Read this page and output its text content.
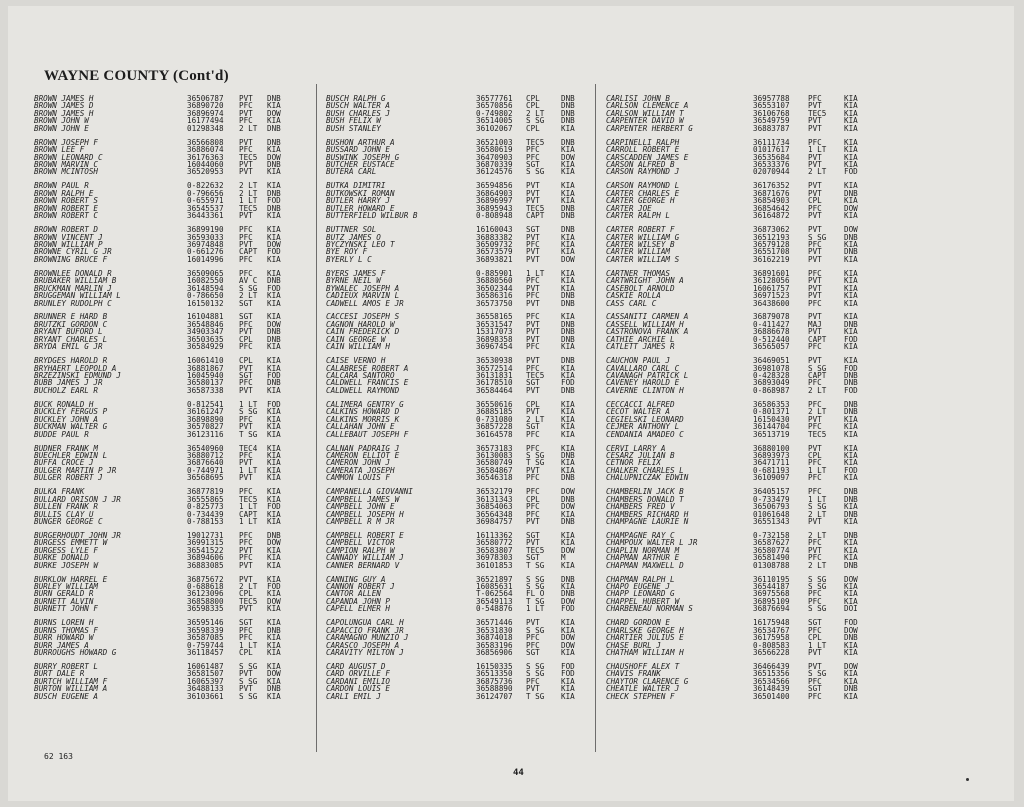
WAYNE COUNTY (Cont'd)
BROWN JAMES H	36506787 PVT DNB
BROWN JAMES D	36890720 PFC KIA
BROWN JAMES H	36896974 PVT DOW
BROWN JOHN W	16177494 PFC KIA
BROWN JOHN E	01298348 2 LT DNB
BROWN JOSEPH F	36566808 PVT DNB
BROWN LEE F	36886074 PFC KIA
BROWN LEONARD C	36176363 TEC5 DOW
BROWN MARVIN C	16044060 PVT DNB
BROWN MCINTOSH	36520953 PVT KIA
BROWN PAUL R	0-822632 2 LT KIA
BROWN RALPH E	0-796656 2 LT DNB
BROWN ROBERT S	0-655971 1 LT FOD
BROWN ROBERT E	36545537 TEC5 DNB
BROWN ROBERT C	36443361 PVT KIA
BROWN ROBERT D	36899190 PFC KIA
BROWN VINCENT J	36593033 PFC KIA
BROWN WILLIAM P	36974848 PVT DOW
BROWNE CYRIL G JR	0-661276 CAPT FOD
BROWNING BRUCE F	16014996 PFC KIA
BROWNLEE DONALD R	36509065 PFC KIA
BRUBAKER WILLIAM B	16082550 AV C DNB
BRUCKMAN MARLIN J	36148594 S SG FOD
BRUGGEMAN WILLIAM L	0-786650 2 LT KIA
BRUNLEY RUDOLPH C	16150132 SGT KIA
BRUNNER E HARD B	16104881 SGT KIA
BRUTZKI GORDON C	36548846 PFC DOW
BRYANT BUFORD L	34903347 PVT DNB
BRYANT CHARLES L	36503635 CPL DNB
BRYDA EMIL G JR	36584929 PFC KIA
BRYDGES HAROLD R	16061410 CPL KIA
BRYHAERT LEOPOLD A	36881867 PVT KIA
BRZEZINSKI EDMUND J	16045940 SGT FOD
BUBB JAMES J JR	36580137 PFC DNB
BUCHOLZ EARL R	36587338 PVT KIA
BUCK RONALD H	0-812541 1 LT FOD
BUCKLEY FERGUS P	36161247 S SG KIA
BUCKLEY JOHN A	36898890 PFC KIA
BUCKMAN WALTER G	36570827 PVT KIA
BUDDE PAUL R	36123116 T SG KIA
BUDNER FRANK M	36540960 TEC4 KIA
BUECHLER EDWIN L	36880712 PFC KIA
BUFFA CROCE J	36876640 PVT KIA
BULGER MARTIN P JR	0-744971 1 LT KIA
BULGER ROBERT J	36568695 PVT KIA
BULKA FRANK	36877819 PFC KIA
BULLARD ORISON J JR	36555865 TEC5 KIA
BULLEN FRANK R	0-825773 1 LT FOD
BULLIS CLAY U	0-734439 CAPT KIA
BUNGER GEORGE C	0-788153 1 LT KIA
BURGERHOUDT JOHN JR	19012731 PFC DNB
BURGESS EMMETT W	36991315 PFC DOW
BURGESS LYLE F	36541522 PVT KIA
BURKE DONALD	36894606 PFC KIA
BURKE JOSEPH W	36883085 PVT KIA
BURKLOW HARREL E	36875672 PVT KIA
BURLEY WILLIAM	0-688618 2 LT FOD
BURN GERALD R	36123096 CPL KIA
BURNETT ALVIN	36858800 TEC5 DOW
BURNETT JOHN F	36598335 PVT KIA
BURNS LOREN H	36595146 SGT KIA
BURNS THOMAS F	36598339 PFC DNB
BURR HOWARD W	36587085 PFC KIA
BURR JAMES A	0-759744 1 LT KIA
BURROUGHS HOWARD G	36118457 CPL KIA
BURRY ROBERT L	16061487 S SG KIA
BURT DALE R	36581507 PVT DOW
BURTCH WILLIAM F	16065397 S SG KIA
BURTON WILLIAM A	36488133 PVT DNB
BUSCH EUGENE A	36103661 S SG KIA
BUSCH RALPH G	36577761 CPL	DNB
BUSCH WALTER A	36570856 CPL	DNB
BUSH CHARLES J	0-749802 2 LT DNB
BUSH FELIX W	36514005 S SG DNB
BUSH STANLEY	36102067 CPL	KIA
BUSHON ARTHUR A	36521003 TEC5 DNB
BUSSARD JOHN E	36580619 PFC	KIA
BUSWINK JOSEPH G	36470903 PFC	DOW
BUTCHER EUSTACE	36870339 SGT	KIA
BUTERA CARL	36124576 S SG KIA
BUTKA DIMITRI	36594856 PVT	KIA
BUTKOWSKI ROMAN	36864903 PVT	KIA
BUTLER HARRY J	36896997 PVT	KIA
BUTLER HOWARD E	36895943 TEC5 DNB
BUTTERFIELD WILBUR B	0-808948 CAPT DNB
BUTTNER SOL	16160043 SGT	DNB
BUTZ JAMES O	36883382 PVT	KIA
BYCZYNSKI LEO T	36509732 PFC	KIA
BYE ROY F	36573579 PVT	KIA
BYERLY L C	36893821 PVT	DOW
BYERS JAMES F	0-885901 1 LT KIA
BYRNE NEIL W	36880560 PFC	KIA
BYWALEC JOSEPH A	36502344 PVT	KIA
CADIEUX MARVIN L	36586316 PFC	DNB
CADWELL AMOS E JR	36573750 PVT	DNB
CACCESI JOSEPH S	36558165 PFC	KIA
CAGNON HAROLD W	36531547 PVT	DNB
CAIN FREDERICK D	15317073 PVT	DNB
CAIN GEORGE W	36898358 PVT	DNB
CAIN WILLIAM H	36967454 PFC	KIA
CAISE VERNO H	36530938 PVT	DNB
CALABRESE ROBERT A	36572514 PFC	KIA
CALCARA SANTORO	36131831 TEC5 KIA
CALDWELL FRANCIS E	36178510 SGT	FOD
CALDWELL RAYMOND	36584464 PVT	DNB
CALIMERA GENTRY G	36550616 CPL	KIA
CALKINS HOWARD D	36885185 PVT	KIA
CALKINS MORRIS K	0-731080 2 LT KIA
CALLAHAN JOHN E	36857228 SGT	KIA
CALLEBAUT JOSEPH F	36164578 PFC	KIA
CALNAN PADRAIG J	36573183 PFC	KIA
CAMERON ELLIOT E	36130083 S SG DNB
CAMERON JOHN J	36580749 T SG KIA
CAMERATA JOSEPH	36584867 PVT	KIA
CAMMON LOUIS F	36546318 PFC	DNB
CAMPANELLA GIOVANNI	36532179 PFC	DOW
CAMPBELL JAMES W	36131343 CPL	DNB
CAMPBELL JOHN E	36854063 PFC	DOW
CAMPBELL JOSEPH H	36564348 PFC	KIA
CAMPBELL R M JR	36984757 PVT	DNB
CAMPBELL ROBERT E	16113362 SGT	KIA
CAMPBELL VICTOR	36580772 PVT	KIA
CAMPION RALPH W	36583807 TEC5 DOW
CANNADY WILLIAM J	36978303 SGT	M
CANNER BERNARD V	36101853 T SG KIA
CANNING GUY A	36521897 S SG DNB
CANNON ROBERT J	16085631 S SG KIA
CANTOR ALLEN	T-062564 FL O DNB
CAPANDA JOHN P	36549113 T SG DOW
CAPELL ELMER H	0-548876 1 LT FOD
CAPOLUNGUA CARL H	36571446 PVT	KIA
CAPACCIO FRANK JR	36531830 S SG KIA
CARAMAGNO MUNZIO J	36874018 PFC	DOW
CARASCO JOSEPH A	36583196 PFC	DOW
CARAVITY MILTON J	36856906 SGT	KIA
CARD AUGUST D	16150335 S SG FOD
CARD ORVILLE F	36513350 S SG FOD
CARDANI EMILIO	36875736 PFC	KIA
CARDON LOUIS E	36588890 PVT	KIA
CARLI EMIL J	36124707 T SG KIA
CARLISI JOHN B	36957788 PFC	KIA
CARLSON CLEMENCE A	36553107 PVT	KIA
CARLSON WILLIAM T	36106768 TEC5 KIA
CARPENTER DAVID W	36549759 PVT	KIA
CARPENTER HERBERT G	36883787 PVT	KIA
CARPINELLI RALPH	36111734 PFC	KIA
CARROLL ROBERT E	01017617 1 LT KIA
CARSCADDEN JAMES E	36535684 PVT	KIA
CARSON ALFRED B	36533376 PVT	KIA
CARSON RAYMOND J	02070944 2 LT FOD
CARSON RAYMOND L	36176352 PVT	KIA
CARTER CHARLES E	36871676 PVT	DNB
CARTER GEORGE H	36854903 CPL	KIA
CARTER JOE	36854642 PFC	DOW
CARTER RALPH L	36164872 PVT	KIA
CARTER ROBERT F	36873062 PVT	DOW
CARTER WILLIAM G	36512193 S SG DNB
CARTER WILSEY B	36579128 PFC	KIA
CARTER WILLIAM	36551708 PVT	DNB
CARTER WILLIAM S	36162219 PVT	KIA
CARTNER THOMAS	36891601 PFC	KIA
CARTWRIGHT JOHN A	36128056 PVT	KIA
CASEBOLT ARNOLD	16061757 PVT	KIA
CASKIE ROLLA	36971523 PVT	KIA
CASS CARL C	36438600 PFC	KIA
CASSANITI CARMEN A	36879078 PVT	KIA
CASSELL WILLIAM H	0-411427 MAJ	DNB
CASTRONOVA FRANK A	36886678 PVT	KIA
CATHIE ARCHIE L	0-512440 CAPT FOD
CATLETT JAMES R	36565057 PFC	KIA
CAUCHON PAUL J	36469051 PVT	KIA
CAVALLARO CARL C	36981078 S SG FOD
CAVANAGH PATRICK L	0-428328 CAPT DNB
CAVENEY HAROLD E	36893049 PFC	DNB
CAVERNE CLINTON H	0-868987 2 LT FOD
CECCACCI ALFRED	36586353 PFC	DNB
CECOT WALTER A	0-801371 2 LT DNB
CEGIELSKI LEONARD	16150430 PVT	KIA
CEJMER ANTHONY L	36144704 PFC	KIA
CENDANIA AMADEO C	36513719 TEC5 KIA
CERVI LARRY A	36880100 PVT	KIA
CESARZ JULIAN B	36893973 CPL	KIA
CETNOR FELIX	36471711 PFC	KIA
CHALKER CHARLES L	0-681193 1 LT FOD
CHALUPNICZAK EDWIN	36109097 PFC	KIA
CHAMBERLIN JACK B	36405157 PFC	DNB
CHAMBERS DONALD T	0-733479 1 LT DNB
CHAMBERS FRED V	36506793 S SG KIA
CHAMBERS RICHARD H	01061648 2 LT DNB
CHAMPAGNE LAURIE N	36551343 PVT	KIA
CHAMPAGNE RAY C	0-732158 2 LT DNB
CHAMPOUX WALTER L JR	36587627 PFC	KIA
CHAPLIN NORMAN M	36580774 PVT	KIA
CHAPMAN ARTHUR E	36581490 PFC	KIA
CHAPMAN MAXWELL D	01308788 2 LT DNB
CHAPMAN RALPH L	36110195 S SG DOW
CHAPO EUGENE J	36544187 S SG KIA
CHAPP LEONARD G	36975568 PFC	KIA
CHAPPEL HUBERT W	36895109 PFC	KIA
CHARBENEAU NORMAN S	36876694 S SG DOI
CHARD GORDON E	16175948 SGT	FOD
CHARLSKE GEORGE H	36534767 PFC	DOW
CHARTIER JULIUS E	36175958 CPL	DNB
CHASE BURL J	0-808583 1 LT KIA
CHATHAM WILLIAM H	36566228 PVT	KIA
CHAUSHOFF ALEX T	36466439 PVT	DOW
CHAVIS FRANK	36515356 S SG KIA
CHAYTOR CLARENCE G	36534566 PFC	KIA
CHEATLE WALTER J	36148439 SGT	DNB
CHECK STEPHEN F	36501400 PFC	KIA
62 163
44
